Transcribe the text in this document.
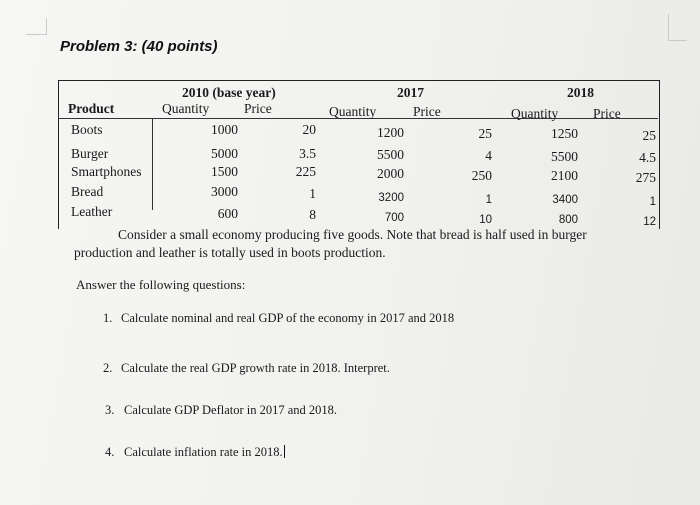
Problem 3: (40 points)
2010 (base year)	2017	2018
Product	Quantity	Price	Quantity	Price	Quantity	Price
Boots	1000	20	1200	25	1250	25
Burger	5000	3.5	5500	4	5500	4.5
Smartphones	1500	225	2000	250	2100	275
Bread	3000	1	3200	1	3400	1
Leather	600	8	700	10	800	12
Consider a small economy producing five goods. Note that bread is half used in burger
production and leather is totally used in boots production.
Answer the following questions:
1. Calculate nominal and real GDP of the economy in 2017 and 2018
2. Calculate the real GDP growth rate in 2018. Interpret.
3. Calculate GDP Deflator in 2017 and 2018.
4. Calculate inflation rate in 2018.
